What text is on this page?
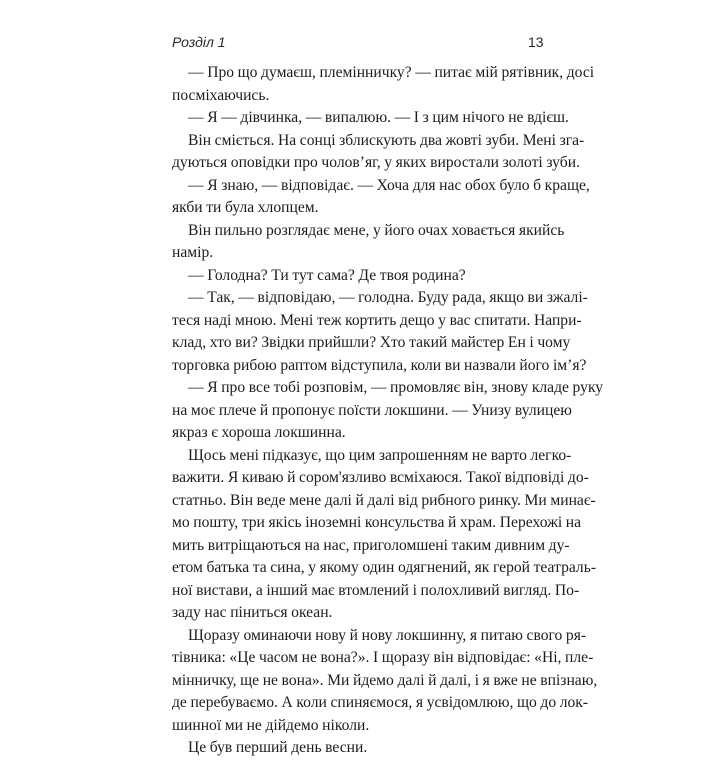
Розділ 1	13
— Про що думаєш, племінничку? — питає мій рятівник, досі
посміхаючись.
— Я — дівчинка, — випалюю. — І з цим нічого не вдієш.
Він сміється. На сонці зблискують два жовті зуби. Мені зга-
дуються оповідки про чоловʼяг, у яких виростали золоті зуби.
— Я знаю, — відповідає. — Хоча для нас обох було б краще,
якби ти була хлопцем.
Він пильно розглядає мене, у його очах ховається якийсь
намір.
— Голодна? Ти тут сама? Де твоя родина?
— Так, — відповідаю, — голодна. Буду рада, якщо ви зжалі-
теся наді мною. Мені теж кортить дещо у вас спитати. Напри-
клад, хто ви? Звідки прийшли? Хто такий майстер Ен і чому
торговка рибою раптом відступила, коли ви назвали його імʼя?
— Я про все тобі розповім, — промовляє він, знову кладе руку
на моє плече й пропонує поїсти локшини. — Унизу вулицею
якраз є хороша локшинна.
Щось мені підказує, що цим запрошенням не варто легко-
важити. Я киваю й сором'язливо всміхаюся. Такої відповіді до-
статньо. Він веде мене далі й далі від рибного ринку. Ми минає-
мо пошту, три якісь іноземні консульства й храм. Перехожі на
мить витріщаються на нас, приголомшені таким дивним ду-
етом батька та сина, у якому один одягнений, як герой театраль-
ної вистави, а інший має втомлений і полохливий вигляд. По-
заду нас піниться океан.
Щоразу оминаючи нову й нову локшинну, я питаю свого ря-
тівника: «Це часом не вона?». І щоразу він відповідає: «Ні, пле-
мінничку, ще не вона». Ми йдемо далі й далі, і я вже не впізнаю,
де перебуваємо. А коли спиняємося, я усвідомлюю, що до лок-
шинної ми не дійдемо ніколи.
Це був перший день весни.
